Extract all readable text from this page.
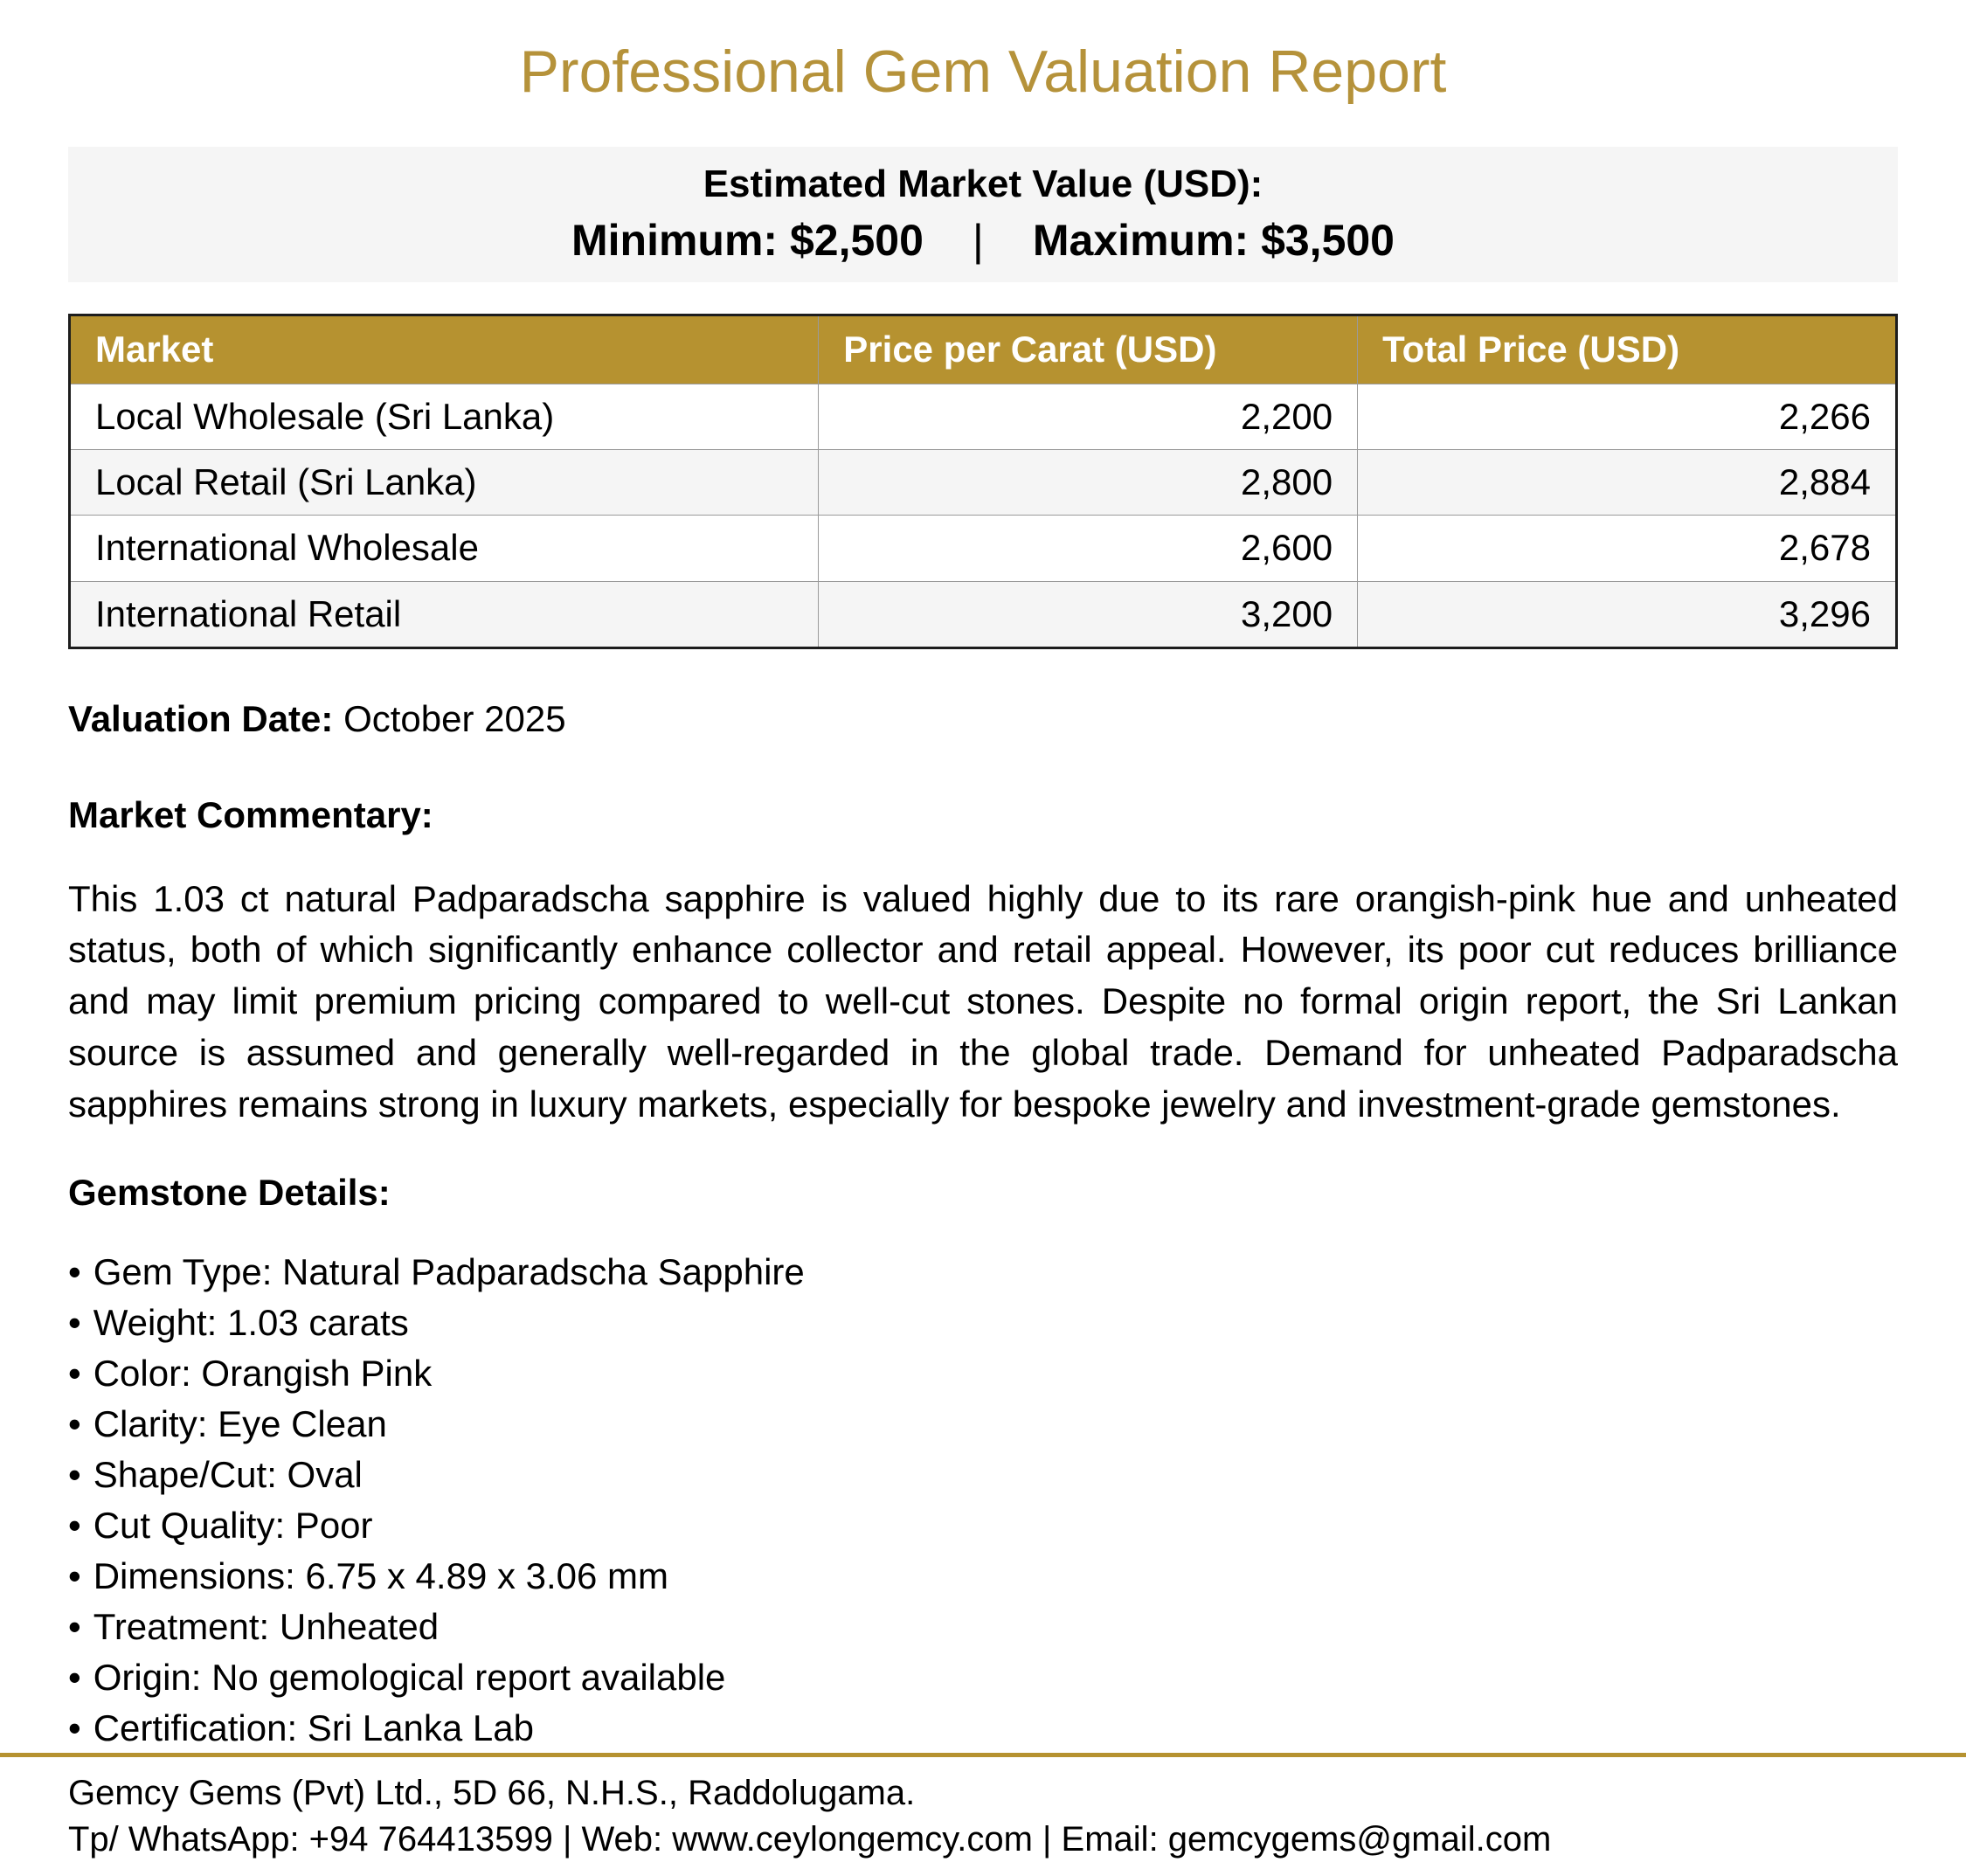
Professional Gem Valuation Report
Estimated Market Value (USD):
Minimum: $2,500 | Maximum: $3,500
Market	Price per Carat (USD)	Total Price (USD)
Local Wholesale (Sri Lanka)	2,200	2,266
Local Retail (Sri Lanka)	2,800	2,884
International Wholesale	2,600	2,678
International Retail	3,200	3,296

Valuation Date: October 2025

Market Commentary:

This 1.03 ct natural Padparadscha sapphire is valued highly due to its rare orangish-pink hue and unheated status, both of which significantly enhance collector and retail appeal. However, its poor cut reduces brilliance and may limit premium pricing compared to well-cut stones. Despite no formal origin report, the Sri Lankan source is assumed and generally well-regarded in the global trade. Demand for unheated Padparadscha sapphires remains strong in luxury markets, especially for bespoke jewelry and investment-grade gemstones.

Gemstone Details:

• Gem Type: Natural Padparadscha Sapphire
• Weight: 1.03 carats
• Color: Orangish Pink
• Clarity: Eye Clean
• Shape/Cut: Oval
• Cut Quality: Poor
• Dimensions: 6.75 x 4.89 x 3.06 mm
• Treatment: Unheated
• Origin: No gemological report available
• Certification: Sri Lanka Lab
Gemcy Gems (Pvt) Ltd., 5D 66, N.H.S., Raddolugama.
Tp/ WhatsApp: +94 764413599 | Web: www.ceylongemcy.com | Email: gemcygems@gmail.com
